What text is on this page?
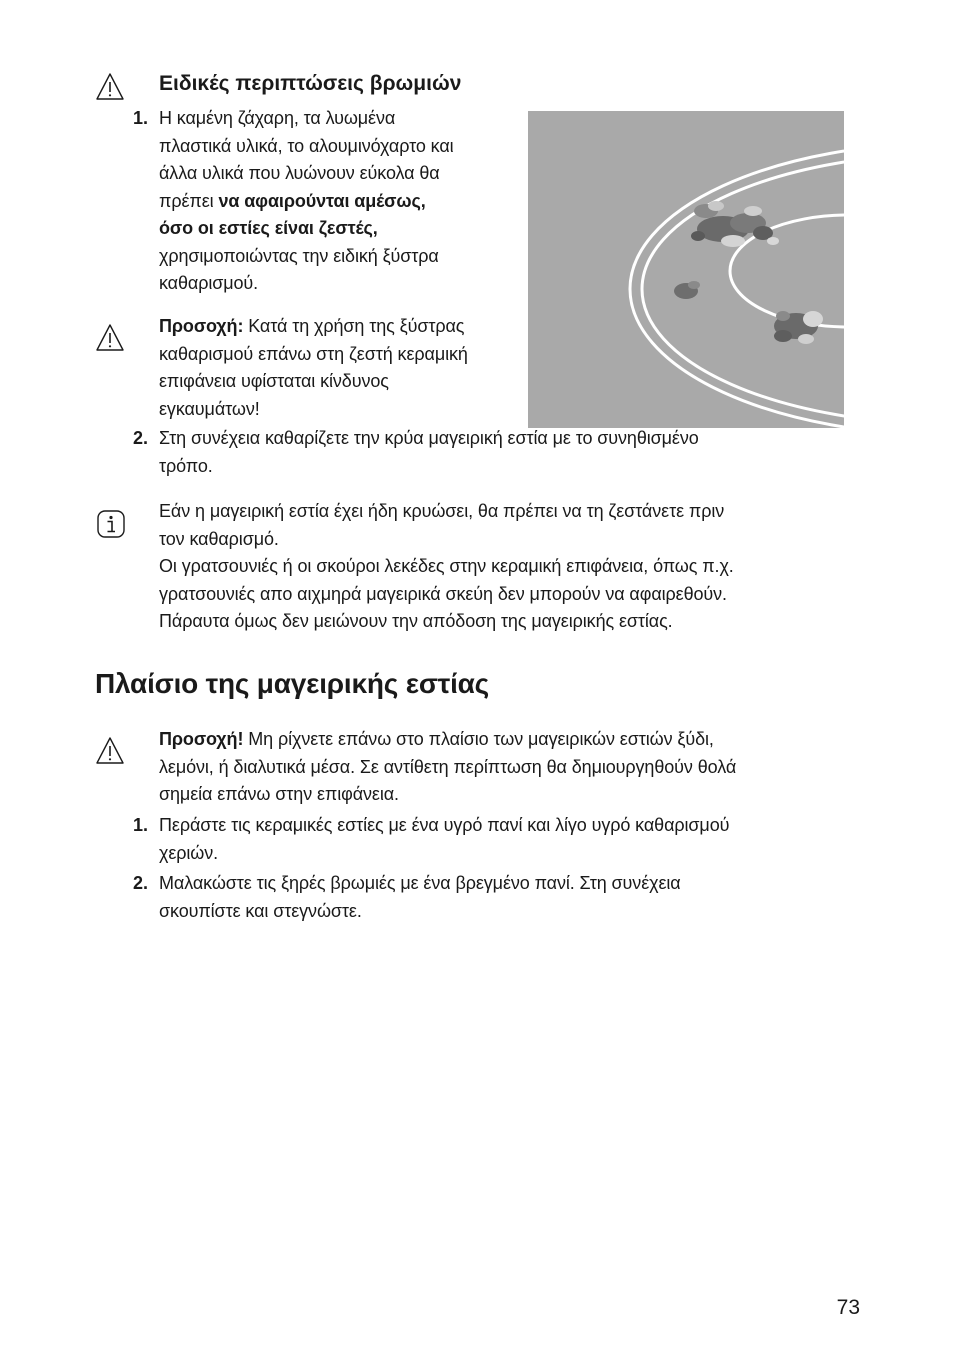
Ειδικές περιπτώσεις βρωμιών
1. Η καμένη ζάχαρη, τα λυωμένα
πλαστικά υλικά, το αλουμινόχαρτο και
άλλα υλικά που λυώνουν εύκολα θα
πρέπει να αφαιρούνται αμέσως,
όσο οι εστίες είναι ζεστές,
χρησιμοποιώντας την ειδική ξύστρα
καθαρισμού.
Προσοχή: Κατά τη χρήση της ξύστρας
καθαρισμού επάνω στη ζεστή κεραμική
επιφάνεια υφίσταται κίνδυνος
εγκαυμάτων!
2. Στη συνέχεια καθαρίζετε την κρύα μαγειρική εστία με το συνηθισμένο
τρόπο.
Εάν η μαγειρική εστία έχει ήδη κρυώσει, θα πρέπει να τη ζεστάνετε πριν
τον καθαρισμό.
Οι γρατσουνιές ή οι σκούροι λεκέδες στην κεραμική επιφάνεια, όπως π.χ.
γρατσουνιές απο αιχμηρά μαγειρικά σκεύη δεν μπορούν να αφαιρεθούν.
Πάραυτα όμως δεν μειώνουν την απόδοση της μαγειρικής εστίας.
Πλαίσιο της μαγειρικής εστίας
Προσοχή! Μη ρίχνετε επάνω στο πλαίσιο των μαγειρικών εστιών ξύδι,
λεμόνι, ή διαλυτικά μέσα. Σε αντίθετη περίπτωση θα δημιουργηθούν θολά
σημεία επάνω στην επιφάνεια.
1. Περάστε τις κεραμικές εστίες με ένα υγρό πανί και λίγο υγρό καθαρισμού
χεριών.
2. Μαλακώστε τις ξηρές βρωμιές με ένα βρεγμένο πανί. Στη συνέχεια
σκουπίστε και στεγνώστε.
73
